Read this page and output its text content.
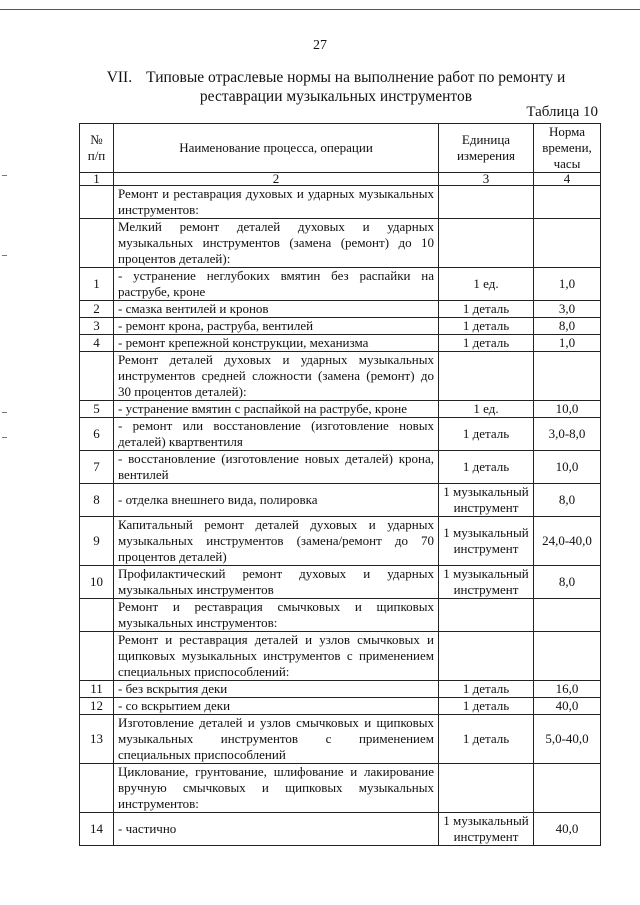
27
VII. Типовые отраслевые нормы на выполнение работ по ремонту и
реставрации музыкальных инструментов
Таблица 10
№ п/п	Наименование процесса, операции	Единица измерения	Норма времени, часы
1	2	3	4
	Ремонт и реставрация духовых и ударных музыкальных инструментов:		
	Мелкий ремонт деталей духовых и ударных музыкальных инструментов (замена (ремонт) до 10 процентов деталей):		
1	- устранение неглубоких вмятин без распайки на раструбе, кроне	1 ед.	1,0
2	- смазка вентилей и кронов	1 деталь	3,0
3	- ремонт крона, раструба, вентилей	1 деталь	8,0
4	- ремонт крепежной конструкции, механизма	1 деталь	1,0
	Ремонт деталей духовых и ударных музыкальных инструментов средней сложности (замена (ремонт) до 30 процентов деталей):		
5	- устранение вмятин с распайкой на раструбе, кроне	1 ед.	10,0
6	- ремонт или восстановление (изготовление новых деталей) квартвентиля	1 деталь	3,0-8,0
7	- восстановление (изготовление новых деталей) крона, вентилей	1 деталь	10,0
8	- отделка внешнего вида, полировка	1 музыкальный инструмент	8,0
9	Капитальный ремонт деталей духовых и ударных музыкальных инструментов (замена/ремонт до 70 процентов деталей)	1 музыкальный инструмент	24,0-40,0
10	Профилактический ремонт духовых и ударных музыкальных инструментов	1 музыкальный инструмент	8,0
	Ремонт и реставрация смычковых и щипковых музыкальных инструментов:		
	Ремонт и реставрация деталей и узлов смычковых и щипковых музыкальных инструментов с применением специальных приспособлений:		
11	- без вскрытия деки	1 деталь	16,0
12	- со вскрытием деки	1 деталь	40,0
13	Изготовление деталей и узлов смычковых и щипковых музыкальных инструментов с применением специальных приспособлений	1 деталь	5,0-40,0
	Циклование, грунтование, шлифование и лакирование вручную смычковых и щипковых музыкальных инструментов:		
14	- частично	1 музыкальный инструмент	40,0
